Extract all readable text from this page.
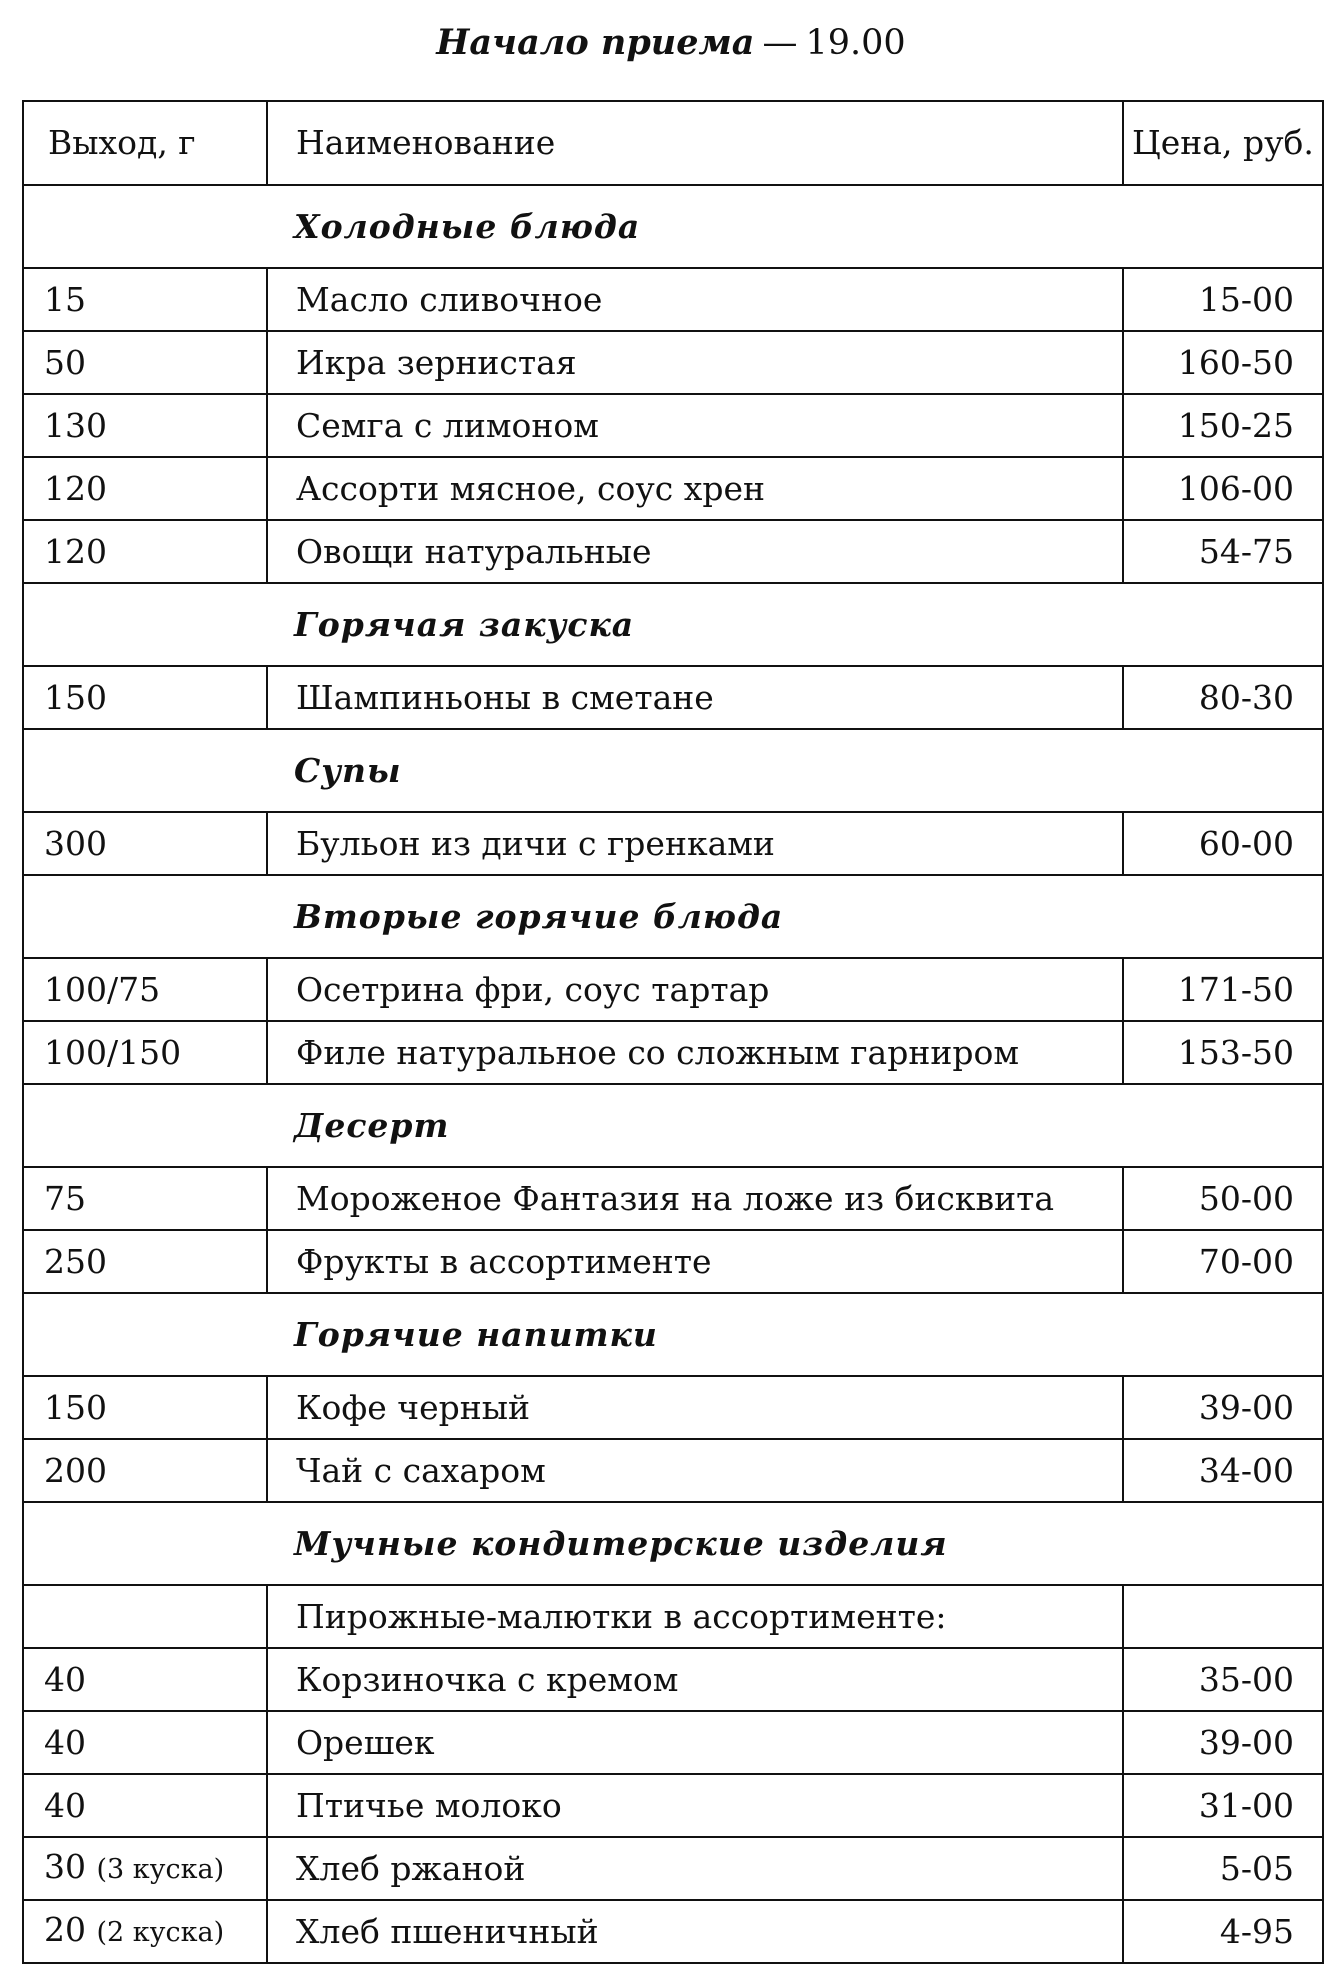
Начало приема — 19.00
Выход, г	Наименование	Цена, руб.
Холодные блюда		
15	Масло сливочное	15-00
50	Икра зернистая	160-50
130	Семга с лимоном	150-25
120	Ассорти мясное, соус хрен	106-00
120	Овощи натуральные	54-75
Горячая закуска		
150	Шампиньоны в сметане	80-30
Супы		
300	Бульон из дичи с гренками	60-00
Вторые горячие блюда		
100/75	Осетрина фри, соус тартар	171-50
100/150	Филе натуральное со сложным гарниром	153-50
Десерт		
75	Мороженое Фантазия на ложе из бисквита	50-00
250	Фрукты в ассортименте	70-00
Горячие напитки		
150	Кофе черный	39-00
200	Чай с сахаром	34-00
Мучные кондитерские изделия		
	Пирожные-малютки в ассортименте:	
40	Корзиночка с кремом	35-00
40	Орешек	39-00
40	Птичье молоко	31-00
30 (3 куска)	Хлеб ржаной	5-05
20 (2 куска)	Хлеб пшеничный	4-95
